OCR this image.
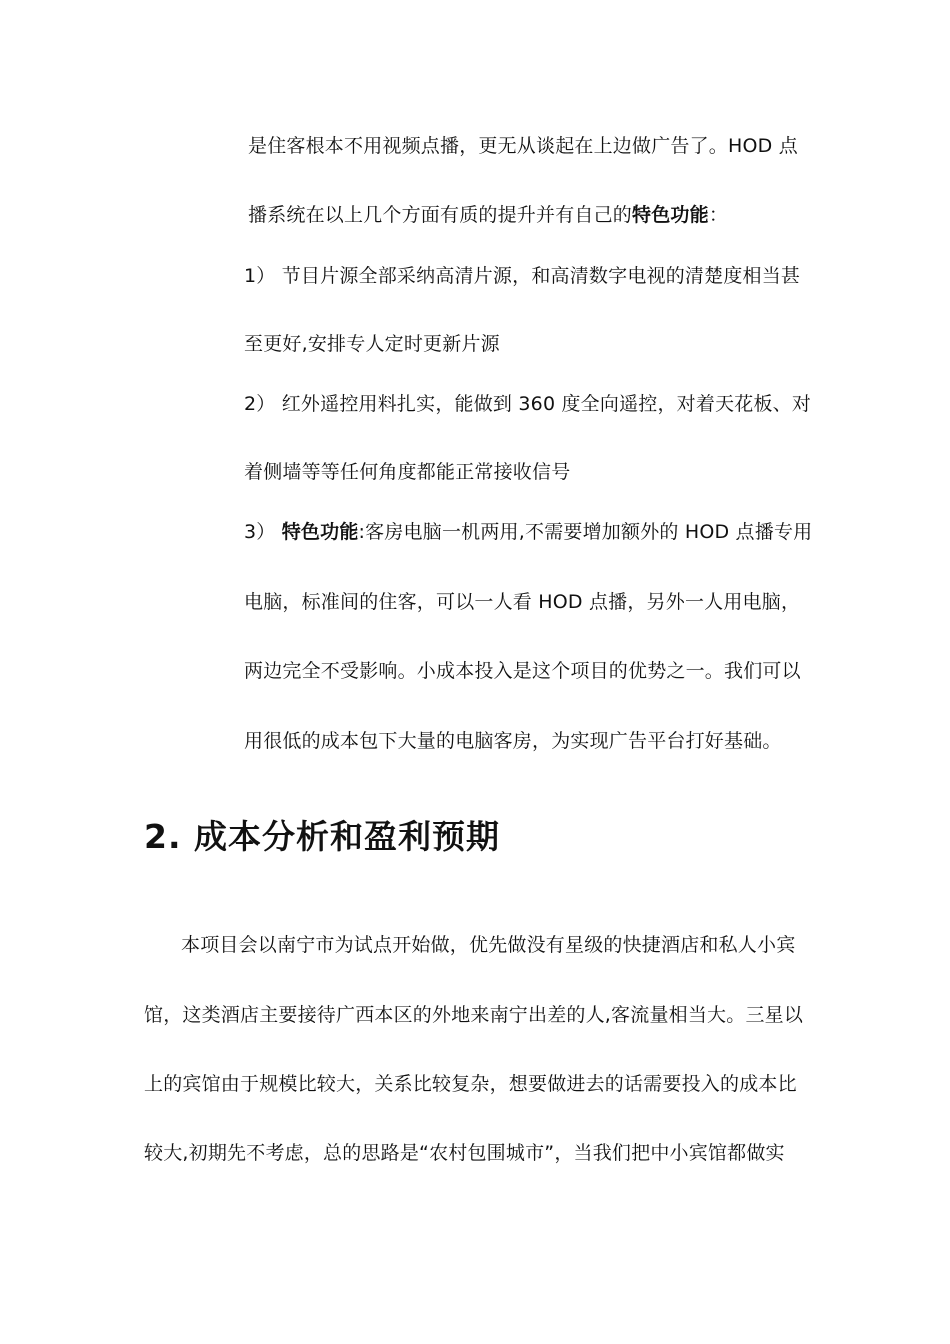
是住客根本不用视频点播，更无从谈起在上边做广告了。HOD 点
播系统在以上几个方面有质的提升并有自己的特色功能：
1） 节目片源全部采纳高清片源，和高清数字电视的清楚度相当甚
至更好,安排专人定时更新片源
2） 红外遥控用料扎实，能做到 360 度全向遥控，对着天花板、对
着侧墙等等任何角度都能正常接收信号
3） 特色功能:客房电脑一机两用,不需要增加额外的 HOD 点播专用
电脑，标准间的住客，可以一人看 HOD 点播，另外一人用电脑，
两边完全不受影响。小成本投入是这个项目的优势之一。我们可以
用很低的成本包下大量的电脑客房，为实现广告平台打好基础。
2. 成本分析和盈利预期
本项目会以南宁市为试点开始做，优先做没有星级的快捷酒店和私人小宾
馆，这类酒店主要接待广西本区的外地来南宁出差的人,客流量相当大。三星以
上的宾馆由于规模比较大，关系比较复杂，想要做进去的话需要投入的成本比
较大,初期先不考虑，总的思路是“农村包围城市”，当我们把中小宾馆都做实
